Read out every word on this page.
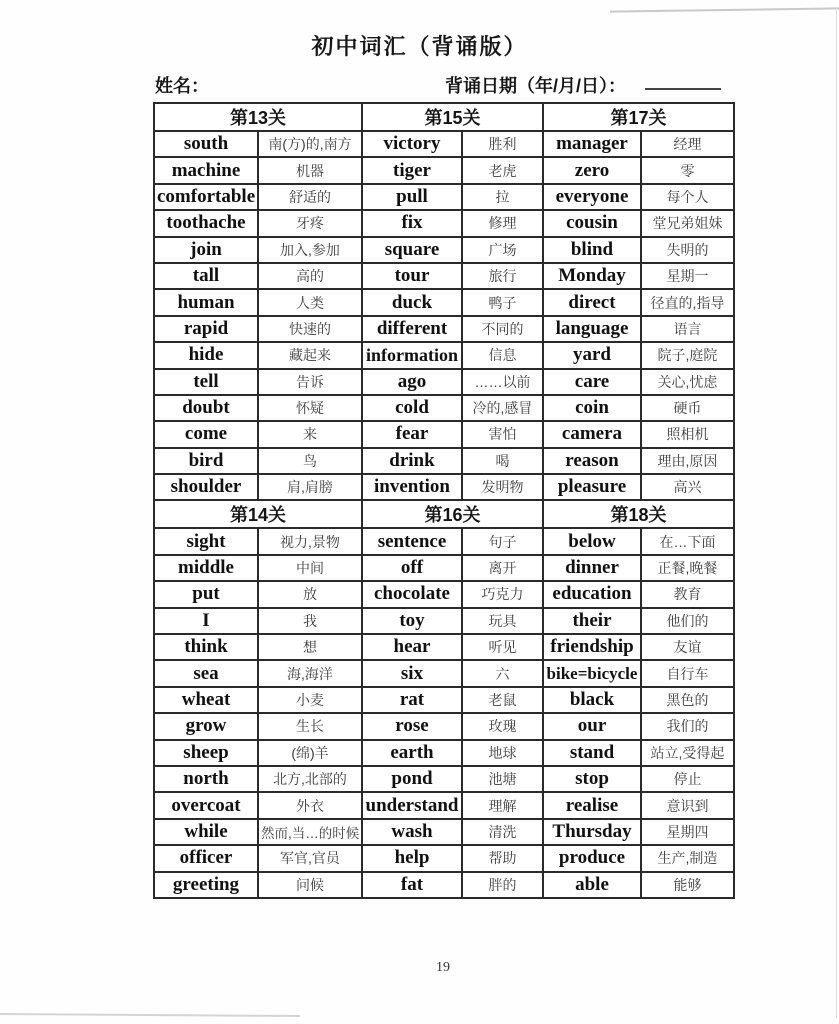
初中词汇（背诵版）
姓名：	背诵日期（年/月/日）：
第13关		第15关		第17关	
south	南(方)的,南方	victory	胜利	manager	经理
machine	机器	tiger	老虎	zero	零
comfortable	舒适的	pull	拉	everyone	每个人
toothache	牙疼	fix	修理	cousin	堂兄弟姐妹
join	加入,参加	square	广场	blind	失明的
tall	高的	tour	旅行	Monday	星期一
human	人类	duck	鸭子	direct	径直的,指导
rapid	快速的	different	不同的	language	语言
hide	藏起来	information	信息	yard	院子,庭院
tell	告诉	ago	……以前	care	关心,忧虑
doubt	怀疑	cold	冷的,感冒	coin	硬币
come	来	fear	害怕	camera	照相机
bird	鸟	drink	喝	reason	理由,原因
shoulder	肩,肩膀	invention	发明物	pleasure	高兴
第14关		第16关		第18关	
sight	视力,景物	sentence	句子	below	在…下面
middle	中间	off	离开	dinner	正餐,晚餐
put	放	chocolate	巧克力	education	教育
I	我	toy	玩具	their	他们的
think	想	hear	听见	friendship	友谊
sea	海,海洋	six	六	bike=bicycle	自行车
wheat	小麦	rat	老鼠	black	黑色的
grow	生长	rose	玫瑰	our	我们的
sheep	(绵)羊	earth	地球	stand	站立,受得起
north	北方,北部的	pond	池塘	stop	停止
overcoat	外衣	understand	理解	realise	意识到
while	然而,当…的时候	wash	清洗	Thursday	星期四
officer	军官,官员	help	帮助	produce	生产,制造
greeting	问候	fat	胖的	able	能够
19
